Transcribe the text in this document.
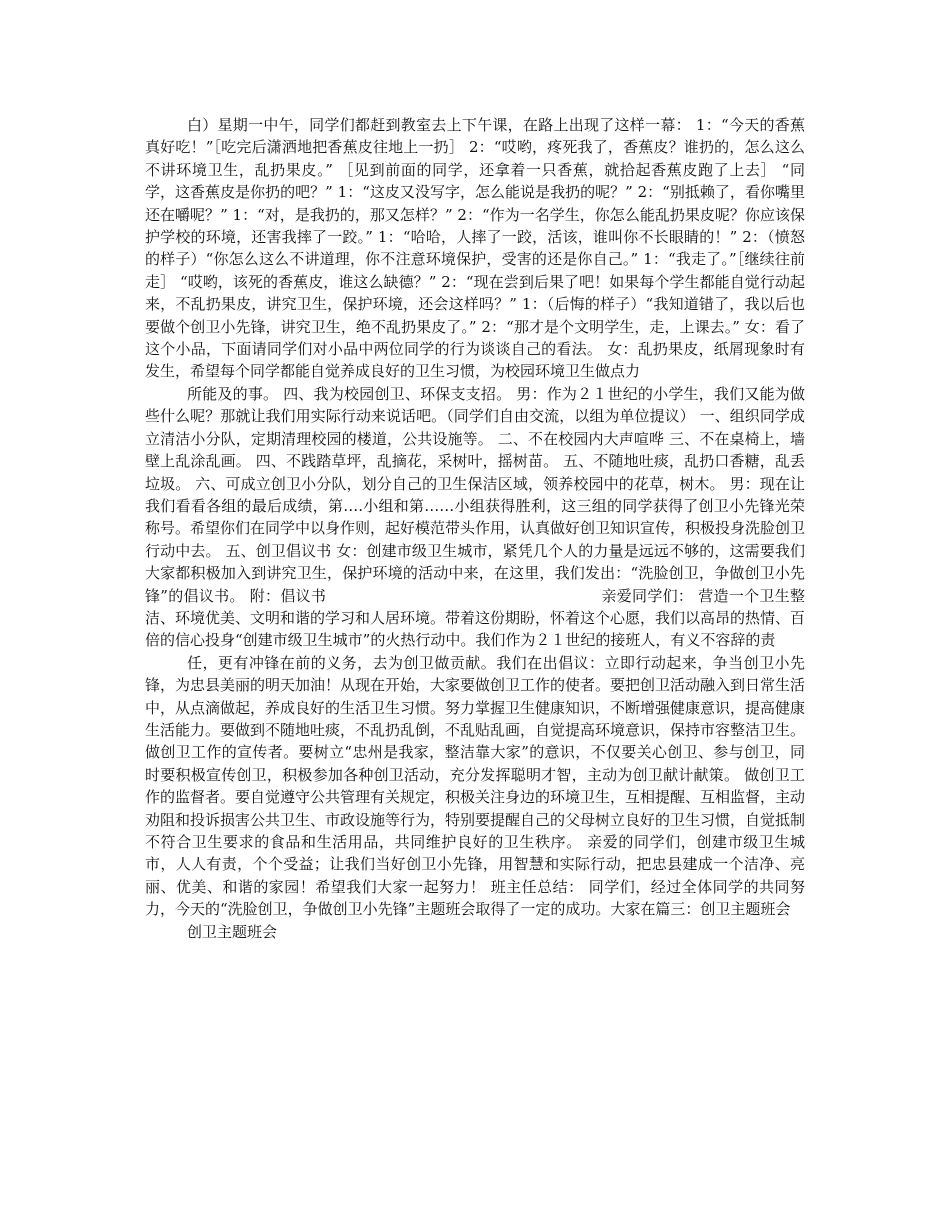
白）星期一中午，同学们都赶到教室去上下午课，在路上出现了这样一幕： 1：“今天的香蕉真好吃！”［吃完后潇洒地把香蕉皮往地上一扔］ 2：“哎哟，疼死我了，香蕉皮？谁扔的，怎么这么不讲环境卫生，乱扔果皮。” ［见到前面的同学，还拿着一只香蕉，就拾起香蕉皮跑了上去］ “同学，这香蕉皮是你扔的吧？” 1：“这皮又没写字，怎么能说是我扔的呢？” 2：“别抵赖了，看你嘴里还在嚼呢？” 1：“对，是我扔的，那又怎样？” 2：“作为一名学生，你怎么能乱扔果皮呢？你应该保护学校的环境，还害我摔了一跤。” 1：“哈哈，人摔了一跤，活该，谁叫你不长眼睛的！” 2：（愤怒的样子）“你怎么这么不讲道理，你不注意环境保护，受害的还是你自己。” 1：“我走了。”［继续往前走］ “哎哟，该死的香蕉皮，谁这么缺德？” 2：“现在尝到后果了吧！如果每个学生都能自觉行动起来，不乱扔果皮，讲究卫生，保护环境，还会这样吗？” 1：（后悔的样子）“我知道错了，我以后也要做个创卫小先锋，讲究卫生，绝不乱扔果皮了。” 2：“那才是个文明学生，走，上课去。” 女：看了这个小品，下面请同学们对小品中两位同学的行为谈谈自己的看法。 女：乱扔果皮，纸屑现象时有发生，希望每个同学都能自觉养成良好的卫生习惯，为校园环境卫生做点力

所能及的事。 四、我为校园创卫、环保支支招。 男：作为２１世纪的小学生，我们又能为做些什么呢？那就让我们用实际行动来说话吧。（同学们自由交流，以组为单位提议） 一、组织同学成立清洁小分队，定期清理校园的楼道，公共设施等。 二、不在校园内大声喧哗 三、不在桌椅上，墙壁上乱涂乱画。 四、不践踏草坪，乱摘花，采树叶，摇树苗。 五、不随地吐痰，乱扔口香糖，乱丢垃圾。 六、可成立创卫小分队，划分自己的卫生保洁区域，领养校园中的花草，树木。 男：现在让我们看看各组的最后成绩，第….小组和第……小组获得胜利，这三组的同学获得了创卫小先锋光荣称号。希望你们在同学中以身作则，起好模范带头作用，认真做好创卫知识宣传，积极投身洗脸创卫行动中去。 五、创卫倡议书 女：创建市级卫生城市，紧凭几个人的力量是远远不够的，这需要我们大家都积极加入到讲究卫生，保护环境的活动中来，在这里，我们发出：“洗脸创卫，争做创卫小先锋”的倡议书。 附：倡议书　　　　　　　　　　　　　　　　　　亲爱同学们： 营造一个卫生整洁、环境优美、文明和谐的学习和人居环境。带着这份期盼，怀着这个心愿，我们以高昂的热情、百倍的信心投身“创建市级卫生城市”的火热行动中。我们作为２１世纪的接班人，有义不容辞的责

任，更有冲锋在前的义务，去为创卫做贡献。我们在出倡议：立即行动起来，争当创卫小先锋，为忠县美丽的明天加油！从现在开始，大家要做创卫工作的使者。要把创卫活动融入到日常生活中，从点滴做起，养成良好的生活卫生习惯。努力掌握卫生健康知识，不断增强健康意识，提高健康生活能力。要做到不随地吐痰，不乱扔乱倒，不乱贴乱画，自觉提高环境意识，保持市容整洁卫生。 做创卫工作的宣传者。要树立“忠州是我家，整洁靠大家”的意识，不仅要关心创卫、参与创卫，同时要积极宣传创卫，积极参加各种创卫活动，充分发挥聪明才智，主动为创卫献计献策。 做创卫工作的监督者。要自觉遵守公共管理有关规定，积极关注身边的环境卫生，互相提醒、互相监督，主动劝阻和投诉损害公共卫生、市政设施等行为，特别要提醒自己的父母树立良好的卫生习惯，自觉抵制不符合卫生要求的食品和生活用品，共同维护良好的卫生秩序。 亲爱的同学们，创建市级卫生城市，人人有责，个个受益；让我们当好创卫小先锋，用智慧和实际行动，把忠县建成一个洁净、亮丽、优美、和谐的家园！希望我们大家一起努力！ 班主任总结： 同学们，经过全体同学的共同努力，今天的“洗脸创卫，争做创卫小先锋”主题班会取得了一定的成功。大家在篇三：创卫主题班会

创卫主题班会
